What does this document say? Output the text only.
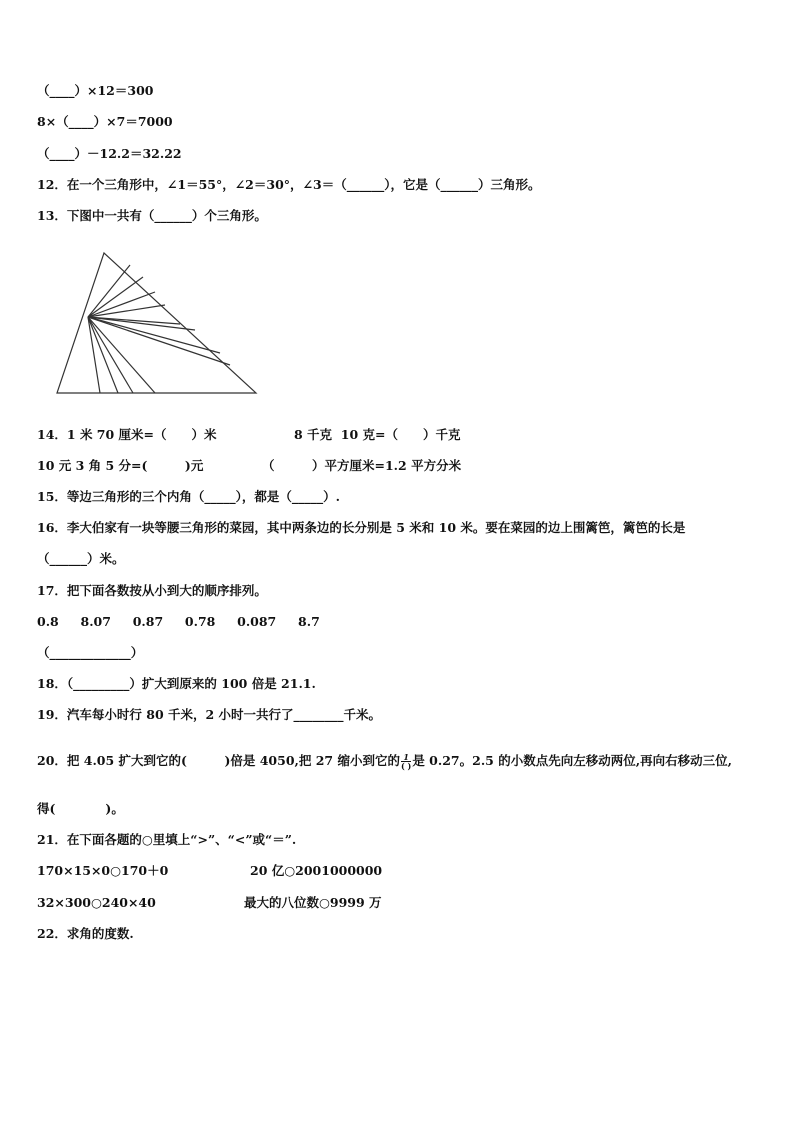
（____）×12＝300
8×（____）×7＝7000
（____）－12.2＝32.22
12．在一个三角形中，∠1＝55°，∠2＝30°，∠3＝（______），它是（______）三角形。
13．下图中一共有（______）个三角形。
14．1 米 70 厘米=（　　）米	8 千克  10 克=（　　）千克
10 元 3 角 5 分=(　　　)元	（　　　）平方厘米=1.2 平方分米
15．等边三角形的三个内角（_____），都是（_____）.
16．李大伯家有一块等腰三角形的菜园，其中两条边的长分别是 5 米和 10 米。要在菜园的边上围篱笆，篱笆的长是
（______）米。
17．把下面各数按从小到大的顺序排列。
0.8     8.07     0.87     0.78     0.087     8.7
（_____________）
18．（_________）扩大到原来的 100 倍是 21.1.
19．汽车每小时行 80 千米，2 小时一共行了________千米。
20．把 4.05 扩大到它的(　　　)倍是 4050,把 27 缩小到它的 $\frac{1}{( )}$ 是 0.27。2.5 的小数点先向左移动两位,再向右移动三位,
得(　　　　)。
21．在下面各题的○里填上“>”、“<”或“＝”.
170×15×0○170＋0	20 亿○2001000000
32×300○240×40	最大的八位数○9999 万
22．求角的度数.
